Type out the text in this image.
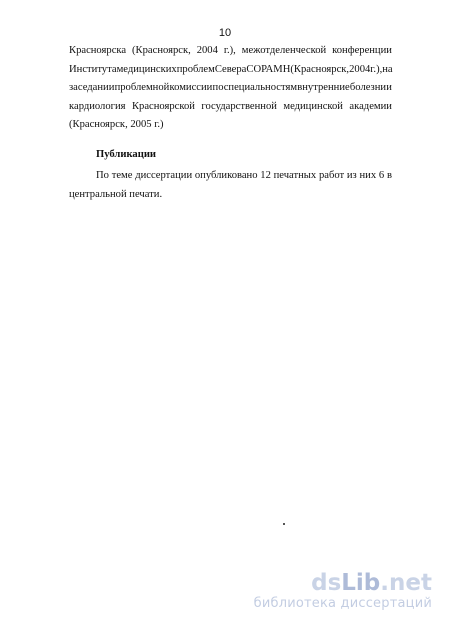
10
Красноярска (Красноярск, 2004 г.), межотделенческой конференции
Института медицинских проблем Севера СО РАМН (Красноярск, 2004 г.), на
заседании проблемной комиссии по специальностям внутренние болезни и
кардиология Красноярской государственной медицинской академии
(Красноярск, 2005 г.)
Публикации
По теме диссертации опубликовано 12 печатных работ из них 6 в
центральной печати.
dsLib.net
библиотека диссертаций
